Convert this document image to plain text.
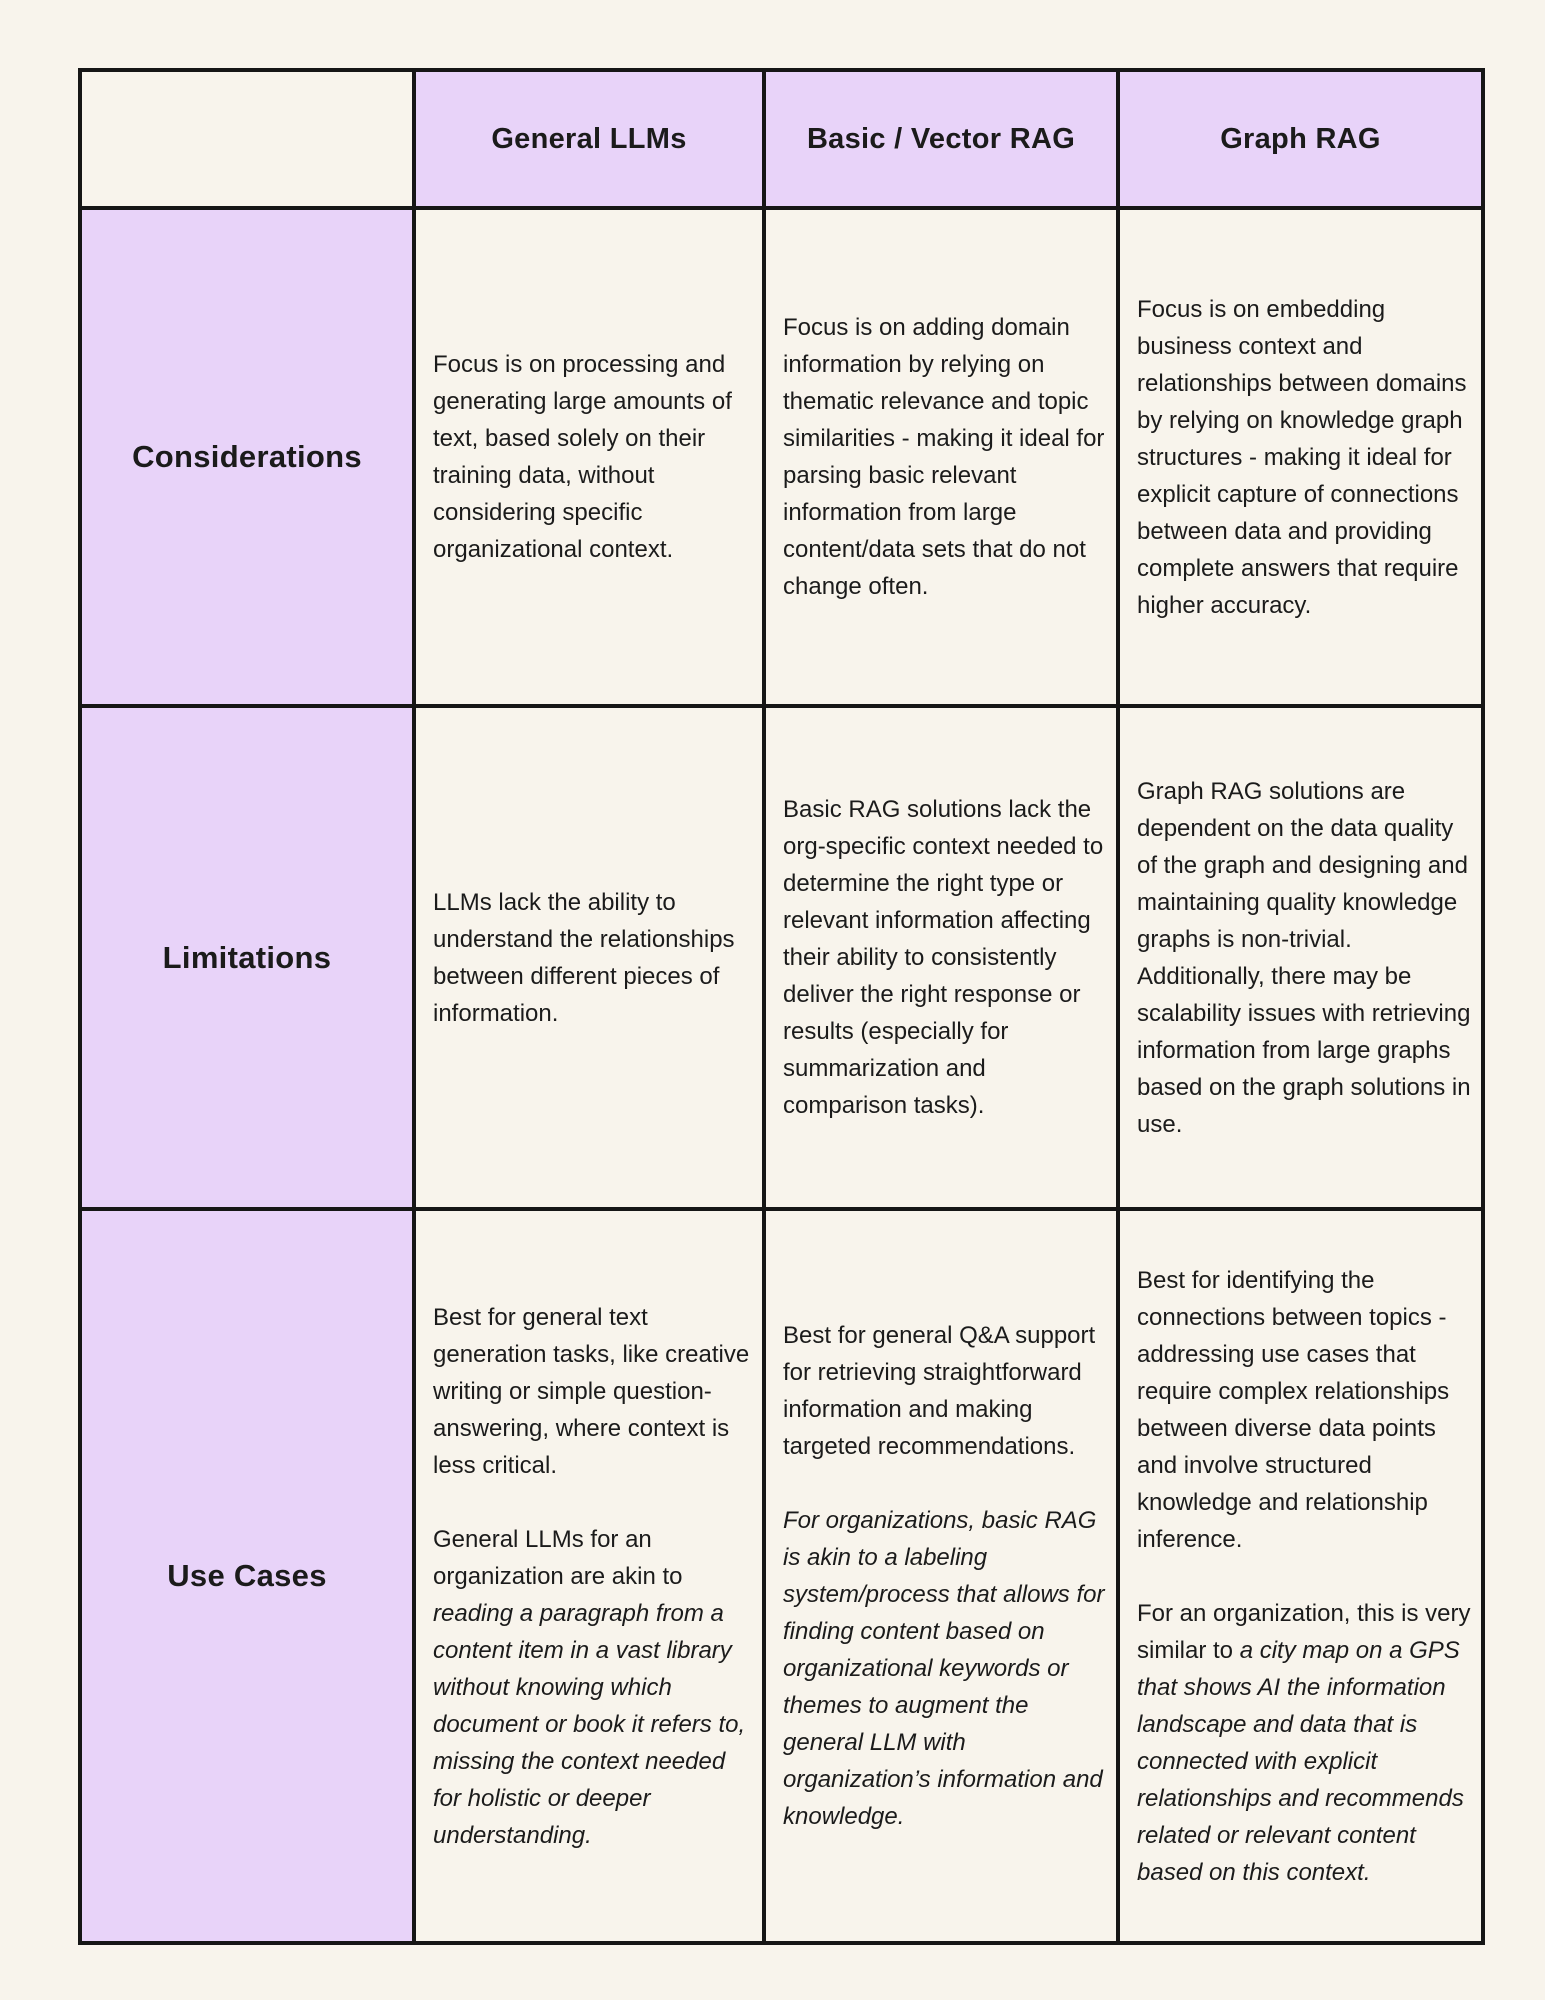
General LLMs	Basic / Vector RAG	Graph RAG
Considerations

Focus is on processing and generating large amounts of text, based solely on their training data, without considering specific organizational context.

Focus is on adding domain information by relying on thematic relevance and topic similarities - making it ideal for parsing basic relevant information from large content/data sets that do not change often.

Focus is on embedding business context and relationships between domains by relying on knowledge graph structures - making it ideal for explicit capture of connections between data and providing complete answers that require higher accuracy.

Limitations

LLMs lack the ability to understand the relationships between different pieces of information.

Basic RAG solutions lack the org-specific context needed to determine the right type or relevant information affecting their ability to consistently deliver the right response or results (especially for summarization and comparison tasks).

Graph RAG solutions are dependent on the data quality of the graph and designing and maintaining quality knowledge graphs is non-trivial. Additionally, there may be scalability issues with retrieving information from large graphs based on the graph solutions in use.

Use Cases

Best for general text generation tasks, like creative writing or simple question-answering, where context is less critical.

General LLMs for an organization are akin to reading a paragraph from a content item in a vast library without knowing which document or book it refers to, missing the context needed for holistic or deeper understanding.

Best for general Q&A support for retrieving straightforward information and making targeted recommendations.

For organizations, basic RAG is akin to a labeling system/process that allows for finding content based on organizational keywords or themes to augment the general LLM with organization’s information and knowledge.

Best for identifying the connections between topics - addressing use cases that require complex relationships between diverse data points and involve structured knowledge and relationship inference.

For an organization, this is very similar to a city map on a GPS that shows AI the information landscape and data that is connected with explicit relationships and recommends related or relevant content based on this context.
